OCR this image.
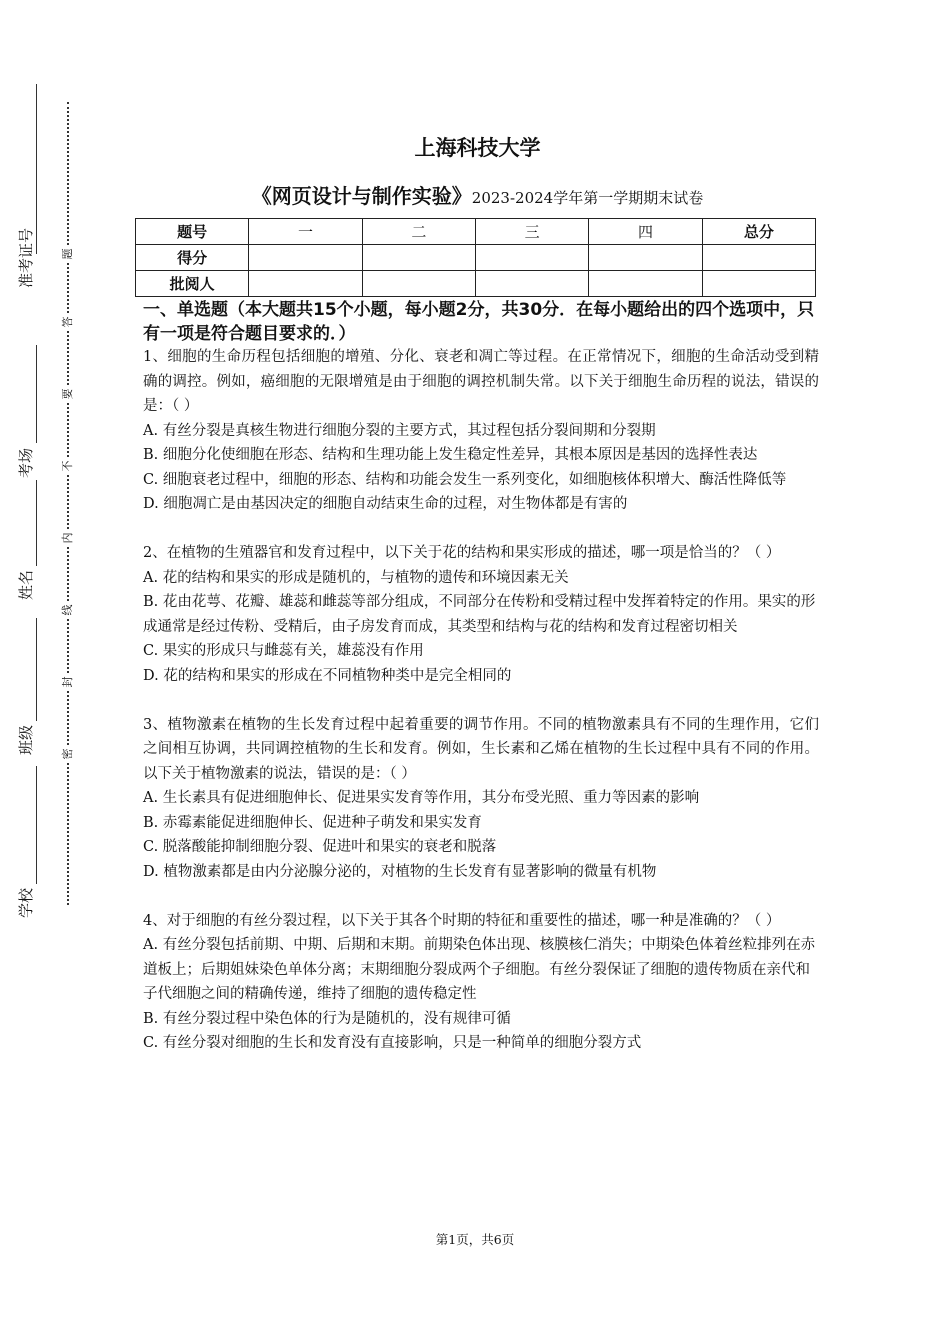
准考证号
考场
姓名
班级
学校
题
答
要
不
内
线
封
密
上海科技大学
《网页设计与制作实验》2023-2024学年第一学期期末试卷
题号	一	二	三	四	总分
得分					
批阅人					
一、单选题（本大题共15个小题，每小题2分，共30分．在每小题给出的四个选项中，只有一项是符合题目要求的．）

1、细胞的生命历程包括细胞的增殖、分化、衰老和凋亡等过程。在正常情况下，细胞的生命活动受到精确的调控。例如，癌细胞的无限增殖是由于细胞的调控机制失常。以下关于细胞生命历程的说法，错误的是：（ ）

A. 有丝分裂是真核生物进行细胞分裂的主要方式，其过程包括分裂间期和分裂期

B. 细胞分化使细胞在形态、结构和生理功能上发生稳定性差异，其根本原因是基因的选择性表达

C. 细胞衰老过程中，细胞的形态、结构和功能会发生一系列变化，如细胞核体积增大、酶活性降低等

D. 细胞凋亡是由基因决定的细胞自动结束生命的过程，对生物体都是有害的

2、在植物的生殖器官和发育过程中，以下关于花的结构和果实形成的描述，哪一项是恰当的？（ ）

A. 花的结构和果实的形成是随机的，与植物的遗传和环境因素无关

B. 花由花萼、花瓣、雄蕊和雌蕊等部分组成，不同部分在传粉和受精过程中发挥着特定的作用。果实的形成通常是经过传粉、受精后，由子房发育而成，其类型和结构与花的结构和发育过程密切相关

C. 果实的形成只与雌蕊有关，雄蕊没有作用

D. 花的结构和果实的形成在不同植物种类中是完全相同的

3、植物激素在植物的生长发育过程中起着重要的调节作用。不同的植物激素具有不同的生理作用，它们之间相互协调，共同调控植物的生长和发育。例如，生长素和乙烯在植物的生长过程中具有不同的作用。以下关于植物激素的说法，错误的是：（ ）

A. 生长素具有促进细胞伸长、促进果实发育等作用，其分布受光照、重力等因素的影响

B. 赤霉素能促进细胞伸长、促进种子萌发和果实发育

C. 脱落酸能抑制细胞分裂、促进叶和果实的衰老和脱落

D. 植物激素都是由内分泌腺分泌的，对植物的生长发育有显著影响的微量有机物

4、对于细胞的有丝分裂过程，以下关于其各个时期的特征和重要性的描述，哪一种是准确的？（ ）

A. 有丝分裂包括前期、中期、后期和末期。前期染色体出现、核膜核仁消失；中期染色体着丝粒排列在赤道板上；后期姐妹染色单体分离；末期细胞分裂成两个子细胞。有丝分裂保证了细胞的遗传物质在亲代和子代细胞之间的精确传递，维持了细胞的遗传稳定性

B. 有丝分裂过程中染色体的行为是随机的，没有规律可循

C. 有丝分裂对细胞的生长和发育没有直接影响，只是一种简单的细胞分裂方式

第1页，共6页
